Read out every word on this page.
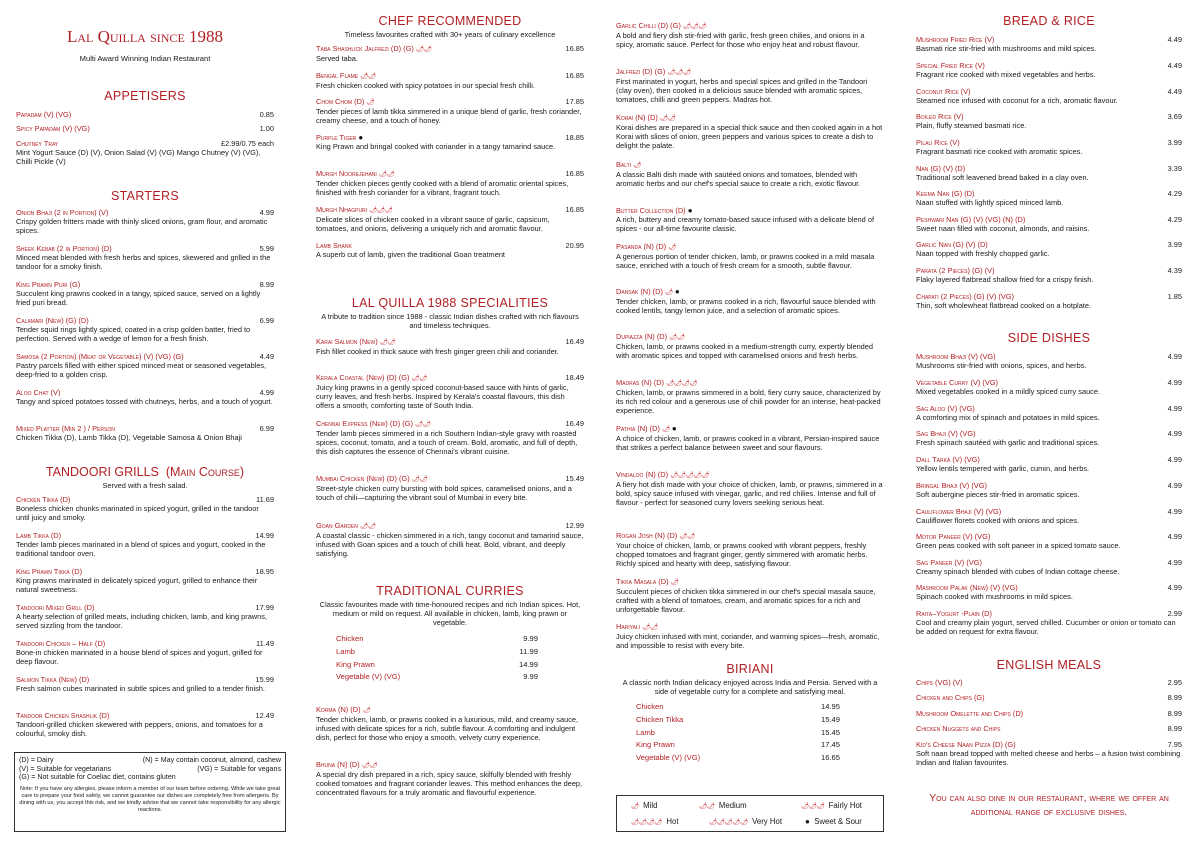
Lal Quilla since 1988
Multi Award Winning Indian Restaurant
APPETISERS
Papadam (V) (VG)	0.85
Spicy Papadam (V) (VG)	1.00
Chutney Tray	£2.99/0.75 each
Mint Yogurt Sauce (D) (V), Onion Salad (V) (VG) Mango Chutney (V) (VG), Chilli Pickle (V)
STARTERS
Onion Bhaji (2 in Portion) (V)	4.99
Crispy golden fritters made with thinly sliced onions, gram flour, and aromatic spices.
Sheek Kebab (2 in Portion) (D)	5.99
Minced meat blended with fresh herbs and spices, skewered and grilled in the tandoor for a smoky finish.
King Prawn Puri (G)	8.99
Succulent king prawns cooked in a tangy, spiced sauce, served on a lightly fried puri bread.
Calamari (New) (G) (D)	6.99
Tender squid rings lightly spiced, coated in a crisp golden batter, fried to perfection. Served with a wedge of lemon for a fresh finish.
Samosa (2 Portion) (Meat or Vegetable) (V) (VG) (G)	4.49
Pastry parcels filled with either spiced minced meat or seasoned vegetables, deep-fried to a golden crisp.
Aloo Chat (V)	4.99
Tangy and spiced potatoes tossed with chutneys, herbs, and a touch of yogurt.
Mixed Platter (Min 2 ) / Person	6.99
Chicken Tikka (D), Lamb Tikka (D), Vegetable Samosa & Onion Bhaji
TANDOORI GRILLS (Main Course)
Served with a fresh salad.
Chicken Tikka (D)	11.69
Boneless chicken chunks marinated in spiced yogurt, grilled in the tandoor until juicy and smoky.
Lamb Tikka (D)	14.99
Tender lamb pieces marinated in a blend of spices and yogurt, cooked in the traditional tandoor oven.
King Prawn Tikka (D)	18.95
King prawns marinated in delicately spiced yogurt, grilled to enhance their natural sweetness.
Tandoori Mixed Grill (D)	17.99
A hearty selection of grilled meats, including chicken, lamb, and king prawns, served sizzling from the tandoor.
Tandoori Chicken – Half (D)	11.49
Bone-in chicken marinated in a house blend of spices and yogurt, grilled for deep flavour.
Salmon Tikka (New) (D)	15.99
Fresh salmon cubes marinated in subtle spices and grilled to a tender finish.
Tandoor Chicken Shashlik (D)	12.49
Tandoori-grilled chicken skewered with peppers, onions, and tomatoes for a colourful, smoky dish.
(D) = Dairy	(N) = May contain coconut, almond, cashew
(V) = Suitable for vegetarians	(VG) = Suitable for vegans
(G) = Not suitable for Coeliac diet, contains gluten
Note: If you have any allergies, please inform a member of our team before ordering. While we take great care to prepare your food safely, we cannot guarantee our dishes are completely free from allergens. By dining with us, you accept this risk, and we kindly advise that we cannot take responsibility for any allergic reactions.
CHEF RECOMMENDED
Timeless favourites crafted with 30+ years of culinary excellence
Taba Shashlick Jalfrezi (D) (G) 🌶︎🌶︎	16.85
Served taba.
Bengal Flame 🌶︎🌶︎	16.85
Fresh chicken cooked with spicy potatoes in our special fresh chilli.
Chom Chom (D) 🌶︎	17.85
Tender pieces of lamb tikka simmered in a unique blend of garlic, fresh coriander, creamy cheese, and a touch of honey.
Purple Tiger ●	18.85
King Prawn and bringal cooked with coriander in a tangy tamarind sauce.
Murgh Noorejehani 🌶︎🌶︎	16.85
Tender chicken pieces gently cooked with a blend of aromatic oriental spices, finished with fresh coriander for a vibrant, fragrant touch.
Murgh Nhagpuri 🌶︎🌶︎🌶︎	16.85
Delicate slices of chicken cooked in a vibrant sauce of garlic, capsicum, tomatoes, and onions, delivering a uniquely rich and aromatic flavour.
Lamb Shank	20.95
A superb cut of lamb, given the traditional Goan treatment
LAL QUILLA 1988 SPECIALITIES
A tribute to tradition since 1988 - classic Indian dishes crafted with rich flavours and timeless techniques.
Karai Salmon (New) 🌶︎🌶︎	16.49
Fish fillet cooked in thick sauce with fresh ginger green chili and coriander.
Kerala Coastal (New) (D) (G) 🌶︎🌶︎	18.49
Juicy king prawns in a gently spiced coconut-based sauce with hints of garlic, curry leaves, and fresh herbs. Inspired by Kerala's coastal flavours, this dish offers a smooth, comforting taste of South India.
Chennai Express (New) (D) (G) 🌶︎🌶︎	16.49
Tender lamb pieces simmered in a rich Southern Indian-style gravy with roasted spices, coconut, tomato, and a touch of cream. Bold, aromatic, and full of depth, this dish captures the essence of Chennai's vibrant cuisine.
Mumbai Chicken (New) (D) (G) 🌶︎🌶︎	15.49
Street-style chicken curry bursting with bold spices, caramelised onions, and a touch of chili—capturing the vibrant soul of Mumbai in every bite.
Goan Garden 🌶︎🌶︎	12.99
A coastal classic - chicken simmered in a rich, tangy coconut and tamarind sauce, infused with Goan spices and a touch of chilli heat. Bold, vibrant, and deeply satisfying.
TRADITIONAL CURRIES
Classic favourites made with time-honoured recipes and rich Indian spices. Hot, medium or mild on request. All available in chicken, lamb, king prawn or vegetable.
Chicken	9.99
Lamb	11.99
King Prawn	14.99
Vegetable (V) (VG)	9.99
Korma (N) (D) 🌶︎
Tender chicken, lamb, or prawns cooked in a luxurious, mild, and creamy sauce, infused with delicate spices for a rich, subtle flavour. A comforting and indulgent dish, perfect for those who enjoy a smooth, velvety curry experience.
Bhuna (N) (D) 🌶︎🌶︎
A special dry dish prepared in a rich, spicy sauce, skilfully blended with freshly cooked tomatoes and fragrant coriander leaves. This method enhances the deep, concentrated flavours for a truly aromatic and flavourful experience.
Garlic Chilli (D) (G) 🌶︎🌶︎🌶︎
A bold and fiery dish stir-fried with garlic, fresh green chilies, and onions in a spicy, aromatic sauce. Perfect for those who enjoy heat and robust flavour.
Jalfrezi (D) (G) 🌶︎🌶︎🌶︎
First marinated in yogurt, herbs and special spices and grilled in the Tandoori (clay oven), then cooked in a delicious sauce blended with aromatic spices, tomatoes, chilli and green peppers. Madras hot.
Korai (N) (D) 🌶︎🌶︎
Korai dishes are prepared in a special thick sauce and then cooked again in a hot Korai with slices of onion, green peppers and various spices to create a dish to delight the palate.
Balti 🌶︎
A classic Balti dish made with sautéed onions and tomatoes, blended with aromatic herbs and our chef's special sauce to create a rich, exotic flavour.
Butter Collection (D) ●
A rich, buttery and creamy tomato-based sauce infused with a delicate blend of spices - our all-time favourite classic.
Pasanda (N) (D) 🌶︎
A generous portion of tender chicken, lamb, or prawns cooked in a mild masala sauce, enriched with a touch of fresh cream for a smooth, subtle flavour.
Dansak (N) (D) 🌶︎ ●
Tender chicken, lamb, or prawns cooked in a rich, flavourful sauce blended with cooked lentils, tangy lemon juice, and a selection of aromatic spices.
Dupiazza (N) (D) 🌶︎🌶︎
Chicken, lamb, or prawns cooked in a medium-strength curry, expertly blended with aromatic spices and topped with caramelised onions and fresh herbs.
Madras (N) (D) 🌶︎🌶︎🌶︎🌶︎
Chicken, lamb, or prawns simmered in a bold, fiery curry sauce, characterized by its rich red colour and a generous use of chili powder for an intense, heat-packed experience.
Pathia (N) (D) 🌶︎ ●
A choice of chicken, lamb, or prawns cooked in a vibrant, Persian-inspired sauce that strikes a perfect balance between sweet and sour flavours.
Vindaloo (N) (D) 🌶︎🌶︎🌶︎🌶︎🌶︎
A fiery hot dish made with your choice of chicken, lamb, or prawns, simmered in a bold, spicy sauce infused with vinegar, garlic, and red chilies. Intense and full of flavour - perfect for seasoned curry lovers seeking serious heat.
Rogan Josh (N) (D) 🌶︎🌶︎
Your choice of chicken, lamb, or prawns cooked with vibrant peppers, freshly chopped tomatoes and fragrant ginger, gently simmered with aromatic herbs. Richly spiced and hearty with deep, satisfying flavour.
Tikka Masala (D) 🌶︎
Succulent pieces of chicken tikka simmered in our chef's special masala sauce, crafted with a blend of tomatoes, cream, and aromatic spices for a rich and unforgettable flavour.
Hariyali 🌶︎🌶︎
Juicy chicken infused with mint, coriander, and warming spices—fresh, aromatic, and impossible to resist with every bite.
BIRIANI
A classic north Indian delicacy enjoyed across India and Persia. Served with a side of vegetable curry for a complete and satisfying meal.
Chicken	14.95
Chicken Tikka	15.49
Lamb	15.45
King Prawn	17.45
Vegetable (V) (VG)	16.65
🌶︎ Mild	🌶︎🌶︎ Medium	🌶︎🌶︎🌶︎ Fairly Hot
🌶︎🌶︎🌶︎🌶︎ Hot	🌶︎🌶︎🌶︎🌶︎🌶︎ Very Hot	● Sweet & Sour
BREAD & RICE
Mushroom Fried Rice (V)	4.49
Basmati rice stir-fried with mushrooms and mild spices.
Special Fried Rice (V)	4.49
Fragrant rice cooked with mixed vegetables and herbs.
Coconut Rice (V)	4.49
Steamed rice infused with coconut for a rich, aromatic flavour.
Boiled Rice (V)	3.69
Plain, fluffy steamed basmati rice.
Pilau Rice (V)	3.99
Fragrant basmati rice cooked with aromatic spices.
Nan (G) (V) (D)	3.39
Traditional soft leavened bread baked in a clay oven.
Keema Nan (G) (D)	4.29
Naan stuffed with lightly spiced minced lamb.
Peshwari Nan (G) (V) (VG) (N) (D)	4.29
Sweet naan filled with coconut, almonds, and raisins.
Garlic Nan (G) (V) (D)	3.99
Naan topped with freshly chopped garlic.
Parata (2 Pieces) (G) (V)	4.39
Flaky layered flatbread shallow fried for a crispy finish.
Chapati (2 Pieces) (G) (V) (VG)	1.85
Thin, soft wholewheat flatbread cooked on a hotplate.
SIDE DISHES
Mushroom Bhaji (V) (VG)	4.99
Mushrooms stir-fried with onions, spices, and herbs.
Vegetable Curry (V) (VG)	4.99
Mixed vegetables cooked in a mildly spiced curry sauce.
Sag Aloo (V) (VG)	4.99
A comforting mix of spinach and potatoes in mild spices.
Sag Bhaji (V) (VG)	4.99
Fresh spinach sautéed with garlic and traditional spices.
Dall Tarka (V) (VG)	4.99
Yellow lentils tempered with garlic, cumin, and herbs.
Bringal Bhaji (V) (VG)	4.99
Soft aubergine pieces stir-fried in aromatic spices.
Cauliflower Bhaji (V) (VG)	4.99
Cauliflower florets cooked with onions and spices.
Motor Paneer (V) (VG)	4.99
Green peas cooked with soft paneer in a spiced tomato sauce.
Sag Paneer (V) (VG)	4.99
Creamy spinach blended with cubes of Indian cottage cheese.
Mashroom Palak (New) (V) (VG)	4.99
Spinach cooked with mushrooms in mild spices.
Raita–Yogurt -Plain (D)	2.99
Cool and creamy plain yogurt, served chilled. Cucumber or onion or tomato can be added on request for extra flavour.
ENGLISH MEALS
Chips (VG) (V)	2.95
Chicken and Chips (G)	8.99
Mushroom Omelette and Chips (D)	8.99
Chicken Nuggets and Chips	8.99
Kid's Cheese Naan Pizza (D) (G)	7.95
Soft naan bread topped with melted cheese and herbs – a fusion twist combining Indian and Italian favourites.
You can also dine in our restaurant, where we offer an additional range of exclusive dishes.
